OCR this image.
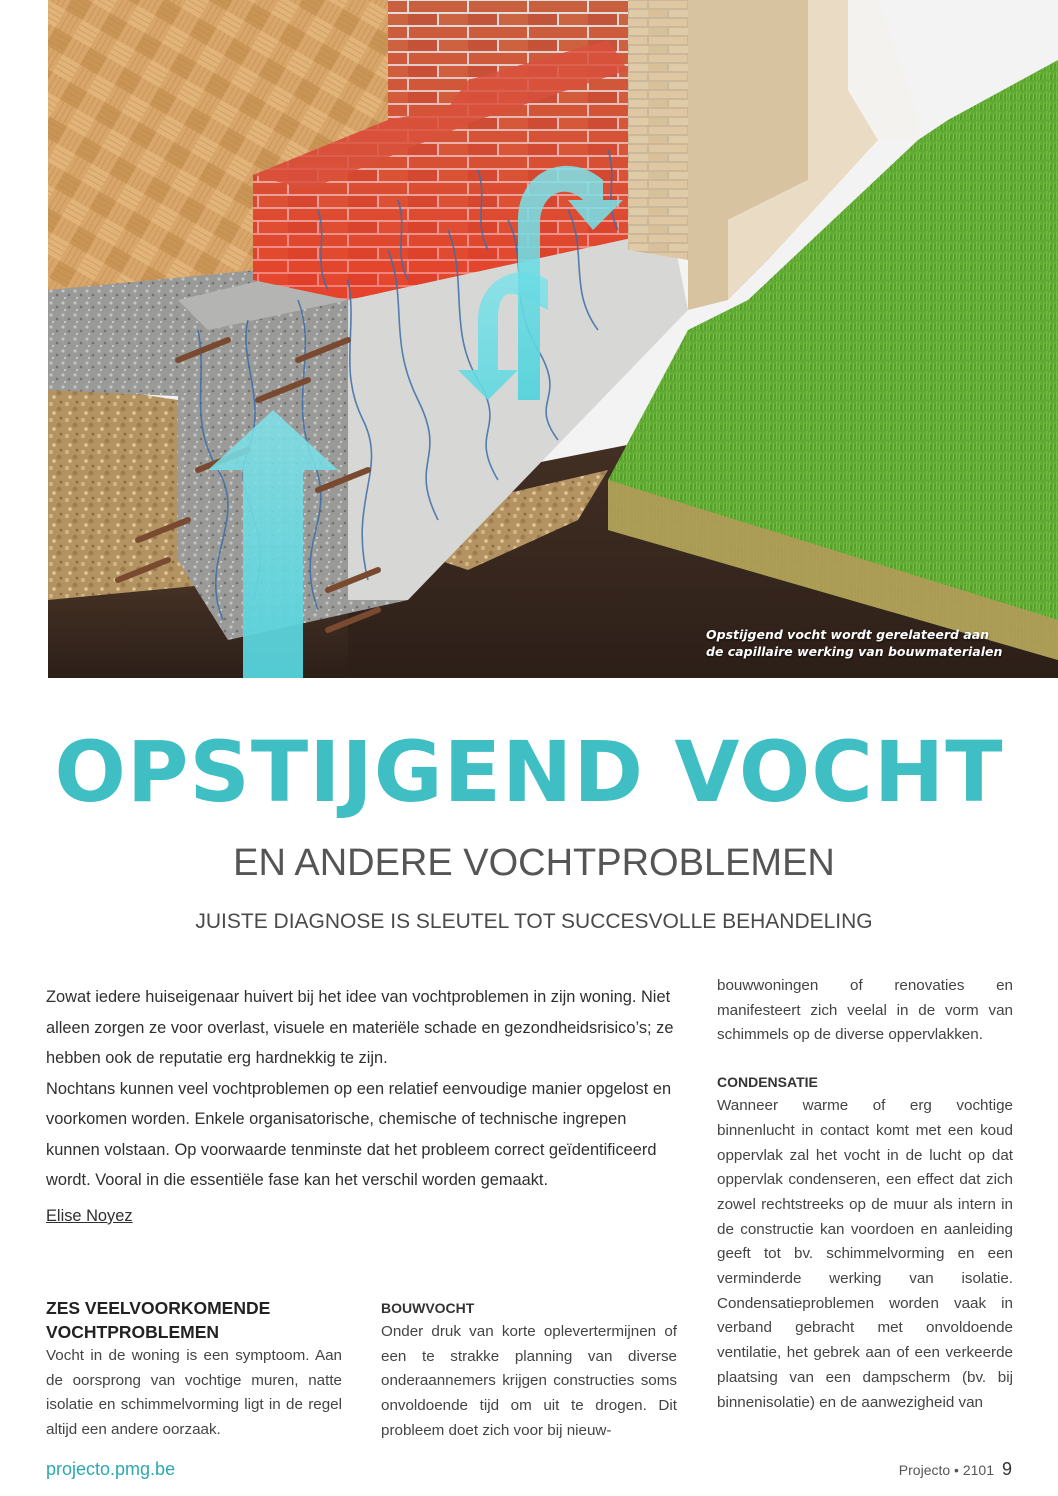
Opstijgend vocht wordt gerelateerd aan
de capillaire werking van bouwmaterialen
OPSTIJGEND VOCHT
EN ANDERE VOCHTPROBLEMEN
JUISTE DIAGNOSE IS SLEUTEL TOT SUCCESVOLLE BEHANDELING

Zowat iedere huiseigenaar huivert bij het idee van vochtproblemen in zijn woning. Niet alleen zorgen ze voor overlast, visuele en materiële schade en gezondheidsrisico’s; ze hebben ook de reputatie erg hardnekkig te zijn.

Nochtans kunnen veel vochtproblemen op een relatief eenvoudige manier opgelost en voorkomen worden. Enkele organisatorische, chemische of technische ingrepen kunnen volstaan. Op voorwaarde tenminste dat het probleem correct geïdentificeerd wordt. Vooral in die essentiële fase kan het verschil worden gemaakt.

Elise Noyez
ZES VEELVOORKOMENDE VOCHTPROBLEMEN

Vocht in de woning is een symptoom. Aan de oorsprong van vochtige muren, natte isolatie en schimmelvorming ligt in de regel altijd een andere oorzaak.

BOUWVOCHT

Onder druk van korte oplevertermijnen of een te strakke planning van diverse onderaannemers krijgen constructies soms onvoldoende tijd om uit te drogen. Dit probleem doet zich voor bij nieuw-

bouwwoningen of renovaties en manifesteert zich veelal in de vorm van schimmels op de diverse oppervlakken.

CONDENSATIE

Wanneer warme of erg vochtige binnenlucht in contact komt met een koud oppervlak zal het vocht in de lucht op dat oppervlak condenseren, een effect dat zich zowel rechtstreeks op de muur als intern in de constructie kan voordoen en aanleiding geeft tot bv. schimmelvorming en een verminderde werking van isolatie. Condensatieproblemen worden vaak in verband gebracht met onvoldoende ventilatie, het gebrek aan of een verkeerde plaatsing van een dampscherm (bv. bij binnenisolatie) en de aanwezigheid van

projecto.pmg.be	Projecto • 2101 9
